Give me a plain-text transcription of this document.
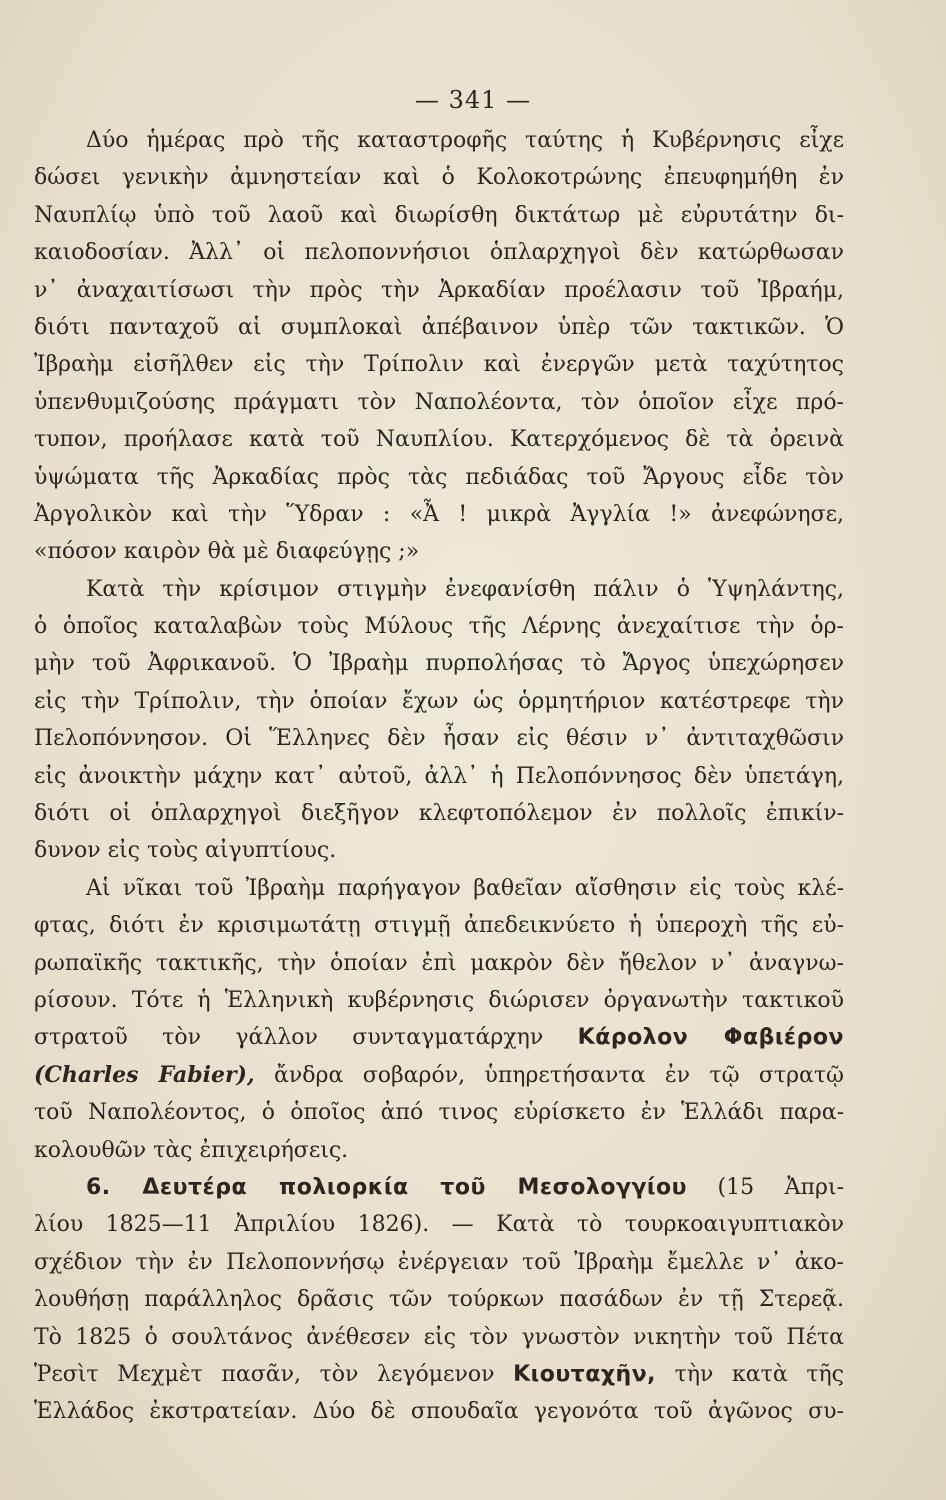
— 341 —
Δύο ἡμέρας πρὸ τῆς καταστροφῆς ταύτης ἡ Κυβέρνησις εἶχε
δώσει γενικὴν ἀμνηστείαν καὶ ὁ Κολοκοτρώνης ἐπευφημήθη ἐν
Ναυπλίῳ ὑπὸ τοῦ λαοῦ καὶ διωρίσθη δικτάτωρ μὲ εὐρυτάτην δι-
καιοδοσίαν. Ἀλλ᾿ οἱ πελοποννήσιοι ὁπλαρχηγοὶ δὲν κατώρθωσαν
ν᾿ ἀναχαιτίσωσι τὴν πρὸς τὴν Ἀρκαδίαν προέλασιν τοῦ Ἰβραήμ,
διότι πανταχοῦ αἱ συμπλοκαὶ ἀπέβαινον ὑπὲρ τῶν τακτικῶν. Ὁ
Ἰβραὴμ εἰσῆλθεν εἰς τὴν Τρίπολιν καὶ ἐνεργῶν μετὰ ταχύτητος
ὑπενθυμιζούσης πράγματι τὸν Ναπολέοντα, τὸν ὁποῖον εἶχε πρό-
τυπον, προήλασε κατὰ τοῦ Ναυπλίου. Κατερχόμενος δὲ τὰ ὀρεινὰ
ὑψώματα τῆς Ἀρκαδίας πρὸς τὰς πεδιάδας τοῦ Ἄργους εἶδε τὸν
Ἀργολικὸν καὶ τὴν Ὕδραν : «Ἆ ! μικρὰ Ἀγγλία !» ἀνεφώνησε,
«πόσον καιρὸν θὰ μὲ διαφεύγῃς ;»
Κατὰ τὴν κρίσιμον στιγμὴν ἐνεφανίσθη πάλιν ὁ Ὑψηλάντης,
ὁ ὁποῖος καταλαβὼν τοὺς Μύλους τῆς Λέρνης ἀνεχαίτισε τὴν ὁρ-
μὴν τοῦ Ἀφρικανοῦ. Ὁ Ἰβραὴμ πυρπολήσας τὸ Ἄργος ὑπεχώρησεν
εἰς τὴν Τρίπολιν, τὴν ὁποίαν ἔχων ὡς ὁρμητήριον κατέστρεφε τὴν
Πελοπόννησον. Οἱ Ἕλληνες δὲν ἦσαν εἰς θέσιν ν᾿ ἀντιταχθῶσιν
εἰς ἀνοικτὴν μάχην κατ᾿ αὐτοῦ, ἀλλ᾿ ἡ Πελοπόννησος δὲν ὑπετάγη,
διότι οἱ ὁπλαρχηγοὶ διεξῆγον κλεφτοπόλεμον ἐν πολλοῖς ἐπικίν-
δυνον εἰς τοὺς αἰγυπτίους.
Αἱ νῖκαι τοῦ Ἰβραὴμ παρήγαγον βαθεῖαν αἴσθησιν εἰς τοὺς κλέ-
φτας, διότι ἐν κρισιμωτάτῃ στιγμῇ ἀπεδεικνύετο ἡ ὑπεροχὴ τῆς εὐ-
ρωπαϊκῆς τακτικῆς, τὴν ὁποίαν ἐπὶ μακρὸν δὲν ἤθελον ν᾿ ἀναγνω-
ρίσουν. Τότε ἡ Ἑλληνικὴ κυβέρνησις διώρισεν ὀργανωτὴν τακτικοῦ
στρατοῦ τὸν γάλλον συνταγματάρχην Κάρολον Φαβιέρον
(Charles Fabier), ἄνδρα σοβαρόν, ὑπηρετήσαντα ἐν τῷ στρατῷ
τοῦ Ναπολέοντος, ὁ ὁποῖος ἀπό τινος εὑρίσκετο ἐν Ἑλλάδι παρα-
κολουθῶν τὰς ἐπιχειρήσεις.
6. Δευτέρα πολιορκία τοῦ Μεσολογγίου (15 Ἀπρι-
λίου 1825—11 Ἀπριλίου 1826). — Κατὰ τὸ τουρκοαιγυπτιακὸν
σχέδιον τὴν ἐν Πελοποννήσῳ ἐνέργειαν τοῦ Ἰβραὴμ ἔμελλε ν᾿ ἀκο-
λουθήσῃ παράλληλος δρᾶσις τῶν τούρκων πασάδων ἐν τῇ Στερεᾷ.
Τὸ 1825 ὁ σουλτάνος ἀνέθεσεν εἰς τὸν γνωστὸν νικητὴν τοῦ Πέτα
Ῥεσὶτ Μεχμὲτ πασᾶν, τὸν λεγόμενον Κιουταχῆν, τὴν κατὰ τῆς
Ἑλλάδος ἐκστρατείαν. Δύο δὲ σπουδαῖα γεγονότα τοῦ ἀγῶνος συ-
